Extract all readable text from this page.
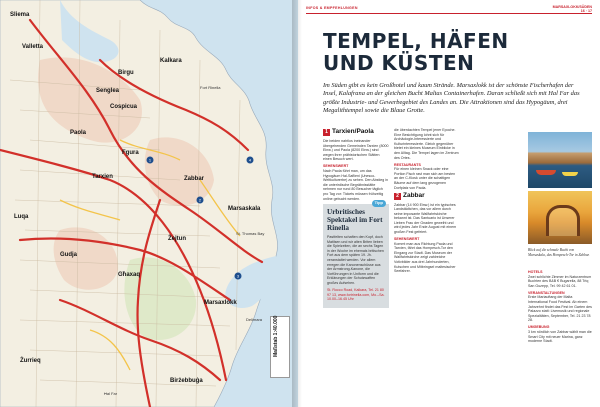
1
2
3
4
Valletta
Sliema
Birgu
Senglea
Cospicua
Kalkara
Fgura
Paola
Tarxien	Zabbar
Żejtun
Marsaskala
Marsaxlokk
Birżebbuġa
Gudja
Għaxaq
Luqa
Żurrieq
Fort Rinella
Delimara
Ħal Far
St. Thomas Bay
Maßstab 1:40.000
INFOS & EMPFEHLUNGEN	MARSAXLOKK/SÜDEN
16 · 17
TEMPEL, HÄFEN
UND KÜSTEN

Im Süden gibt es kein Großhotel und kaum Strände. Marsaxlokk ist der schönste Fischerhafen der Insel, Kalafrana an der gleichen Bucht Maltas Containerhafen. Daran schließt sich mit Hal Far das größte Industrie- und Gewerbegebiet des Landes an. Die Attraktionen sind das Hypogäum, drei Megalithtempel sowie die Blaue Grotte.

1 Tarxien/Paola

Die beiden nahtlos ineinander übergehenden Gemeinden Tarxien (8000 Einw.) und Paola (8200 Einw.) sind wegen ihrer prähistorischen Stätten einen Besuch wert.

SEHENSWERT

Nach Paola führt man, um das Hypogäum Hal-Saflieni (Unesco-Weltkulturerbe) zu sehen. Den Abstieg in die unterirdische Begräbnisstätte nehmen nur rund 80 Besucher täglich pro Tag vor: Tickets müssen frühzeitig online gebucht werden.

Tipp
Urbritisches Spektakel im Fort Rinella

Pastfelten schaften den Kopf, doch Matilsen und wir alten Briten lieben die Spielzeiten, die an sechs Tagen in der Woche im ehemals britischen Fort aus dem späten 19. Jh. veranstaltet werden. Vor allem erregen die Kanonenschüsse aus der Armstrong-Kanone, die Vorführungen in Uniform und die Erklärungen der Schutzwaffen großes Aufsehen.

St. Rocco Road, Kalkara, Tel. 21 80 97 13, www.fortrinella.com, Mo.–Sa. 10.00–16.45 Uhr

die überdachten Tempel jener Epoche. Eine Besichtigung lohnt sich für Archäologie-Interessierte und Kulturinteressierte. Gleich gegenüber bietet ein kleines Museum Einblicke in den Alltag. Die Tempel lagen im Zentrum des Ortes.

RESTAURANTS

Für einen kleinen Snack oder eine Portion Fisch rast man sich am besten an der C-Kiosk unter die schattigen Bäume auf dem lang gezogenen Dorfplatz von Paola.

2 Zabbar

Zabbar (14 900 Einw.) ist ein typisches Landstädtchen, das vor allem durch seine imposante Wallfahrtskirche bekannt ist. Das Santuario ist Unserer Lieben Frau der Gnaden geweiht und wird jedes Jahr Ende August mit einem großen Fest gefeiert.

SEHENSWERT

Kommt man aus Richtung Paola und Tarxien, fährt das Hompesch-Tor den Eingang zur Stadt. Das Museum der Wallfahrtskirche zeigt zahlreiche Votivbilder aus drei Jahrhunderten, Kutschen und Mitbringsel maltesischer Seefahrer.

Blick auf die schmale Bucht von Marsaskala, das Hompesch-Tor in Zabbar.
HOTELS

Zwei schlichte Zimmer im Naturzentrum Buchten des B&B € Bugarella, 88 Triq San Guzepp, Tel. 99 42 61 01.

VERANSTALTUNGEN

Erste Mariauftang der Malta International Food Festival. Ab einem Jahrzehnt findet das Fest im Garten des Palazzo statt: Livemusik und regionale Spezialitäten, September, Tel. 21 23 78 28.

UMGEBUNG

3 km nördlich von Zabbar wählt man die Smart City mit neuer Marina, ganz moderne Stadt.
